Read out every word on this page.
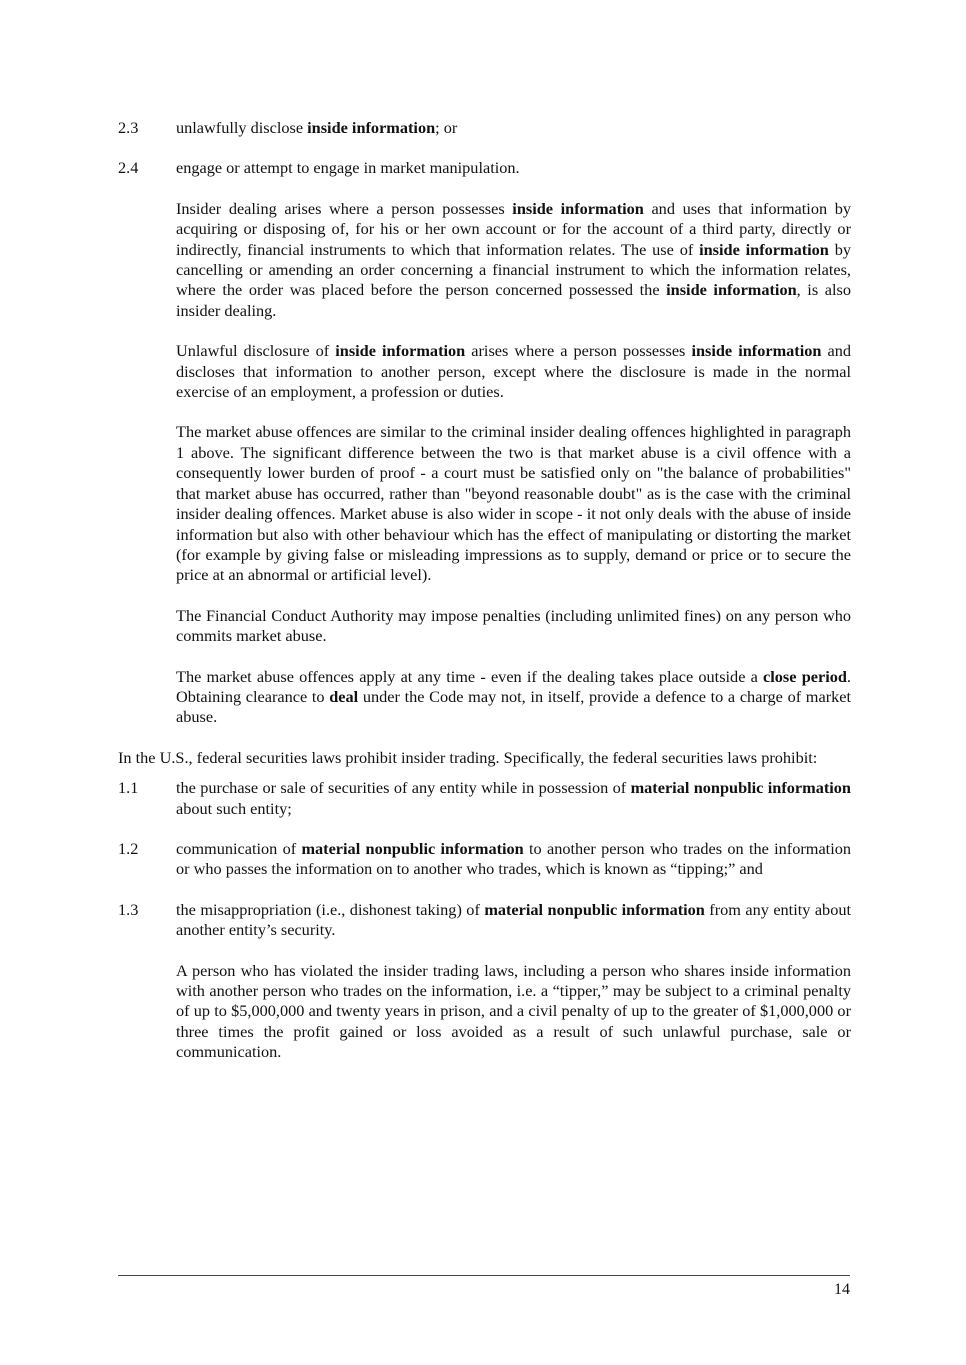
2.3	unlawfully disclose inside information; or
2.4	engage or attempt to engage in market manipulation.

Insider dealing arises where a person possesses inside information and uses that information by acquiring or disposing of, for his or her own account or for the account of a third party, directly or indirectly, financial instruments to which that information relates. The use of inside information by cancelling or amending an order concerning a financial instrument to which the information relates, where the order was placed before the person concerned possessed the inside information, is also insider dealing.

Unlawful disclosure of inside information arises where a person possesses inside information and discloses that information to another person, except where the disclosure is made in the normal exercise of an employment, a profession or duties.

The market abuse offences are similar to the criminal insider dealing offences highlighted in paragraph 1 above. The significant difference between the two is that market abuse is a civil offence with a consequently lower burden of proof - a court must be satisfied only on "the balance of probabilities" that market abuse has occurred, rather than "beyond reasonable doubt" as is the case with the criminal insider dealing offences. Market abuse is also wider in scope - it not only deals with the abuse of inside information but also with other behaviour which has the effect of manipulating or distorting the market (for example by giving false or misleading impressions as to supply, demand or price or to secure the price at an abnormal or artificial level).

The Financial Conduct Authority may impose penalties (including unlimited fines) on any person who commits market abuse.

The market abuse offences apply at any time - even if the dealing takes place outside a close period. Obtaining clearance to deal under the Code may not, in itself, provide a defence to a charge of market abuse.

In the U.S., federal securities laws prohibit insider trading. Specifically, the federal securities laws prohibit:

1.1	the purchase or sale of securities of any entity while in possession of material nonpublic information about such entity;
1.2	communication of material nonpublic information to another person who trades on the information or who passes the information on to another who trades, which is known as “tipping;” and
1.3	the misappropriation (i.e., dishonest taking) of material nonpublic information from any entity about another entity’s security.

A person who has violated the insider trading laws, including a person who shares inside information with another person who trades on the information, i.e. a “tipper,” may be subject to a criminal penalty of up to $5,000,000 and twenty years in prison, and a civil penalty of up to the greater of $1,000,000 or three times the profit gained or loss avoided as a result of such unlawful purchase, sale or communication.

14
